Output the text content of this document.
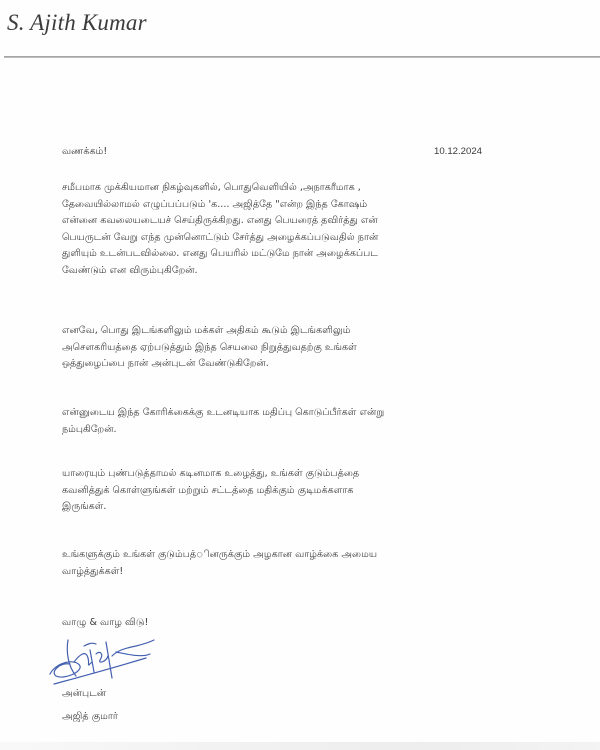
S. Ajith Kumar
வணக்கம்!	10.12.2024
சமீபமாக முக்கியமான நிகழ்வுகளில், பொதுவெளியில் ,அநாகரீமாக ,
தேவையில்லாமல் எழுப்பப்படும் 'க.... அஜித்தே "என்ற இந்த கோஷம்
என்னை கவலையடையச் செய்திருக்கிறது. எனது பெயரைத் தவிர்த்து என்
பெயருடன் வேறு எந்த முன்னொட்டும் சேர்த்து அழைக்கப்படுவதில் நான்
துளியும் உடன்படவில்லை. எனது பெயரில் மட்டுமே நான் அழைக்கப்பட
வேண்டும் என விரும்புகிறேன்.
எனவே, பொது இடங்களிலும் மக்கள் அதிகம் கூடும் இடங்களிலும்
அசௌகரியத்தை ஏற்படுத்தும் இந்த செயலை நிறுத்துவதற்கு உங்கள்
ஒத்துழைப்பை நான் அன்புடன் வேண்டுகிறேன்.
என்னுடைய இந்த கோரிக்கைக்கு உடனடியாக மதிப்பு கொடுப்பீர்கள் என்று
நம்புகிறேன்.
யாரையும் புண்படுத்தாமல் கடினமாக உழைத்து, உங்கள் குடும்பத்தை
கவனித்துக் கொள்ளுங்கள் மற்றும் சட்டத்தை மதிக்கும் குடிமக்களாக
இருங்கள்.
உங்களுக்கும் உங்கள் குடும்பத்ினருக்கும் அழகான வாழ்க்கை அமைய
வாழ்த்துக்கள்!
வாழு & வாழ விடு!
அன்புடன்
அஜித் குமார்
